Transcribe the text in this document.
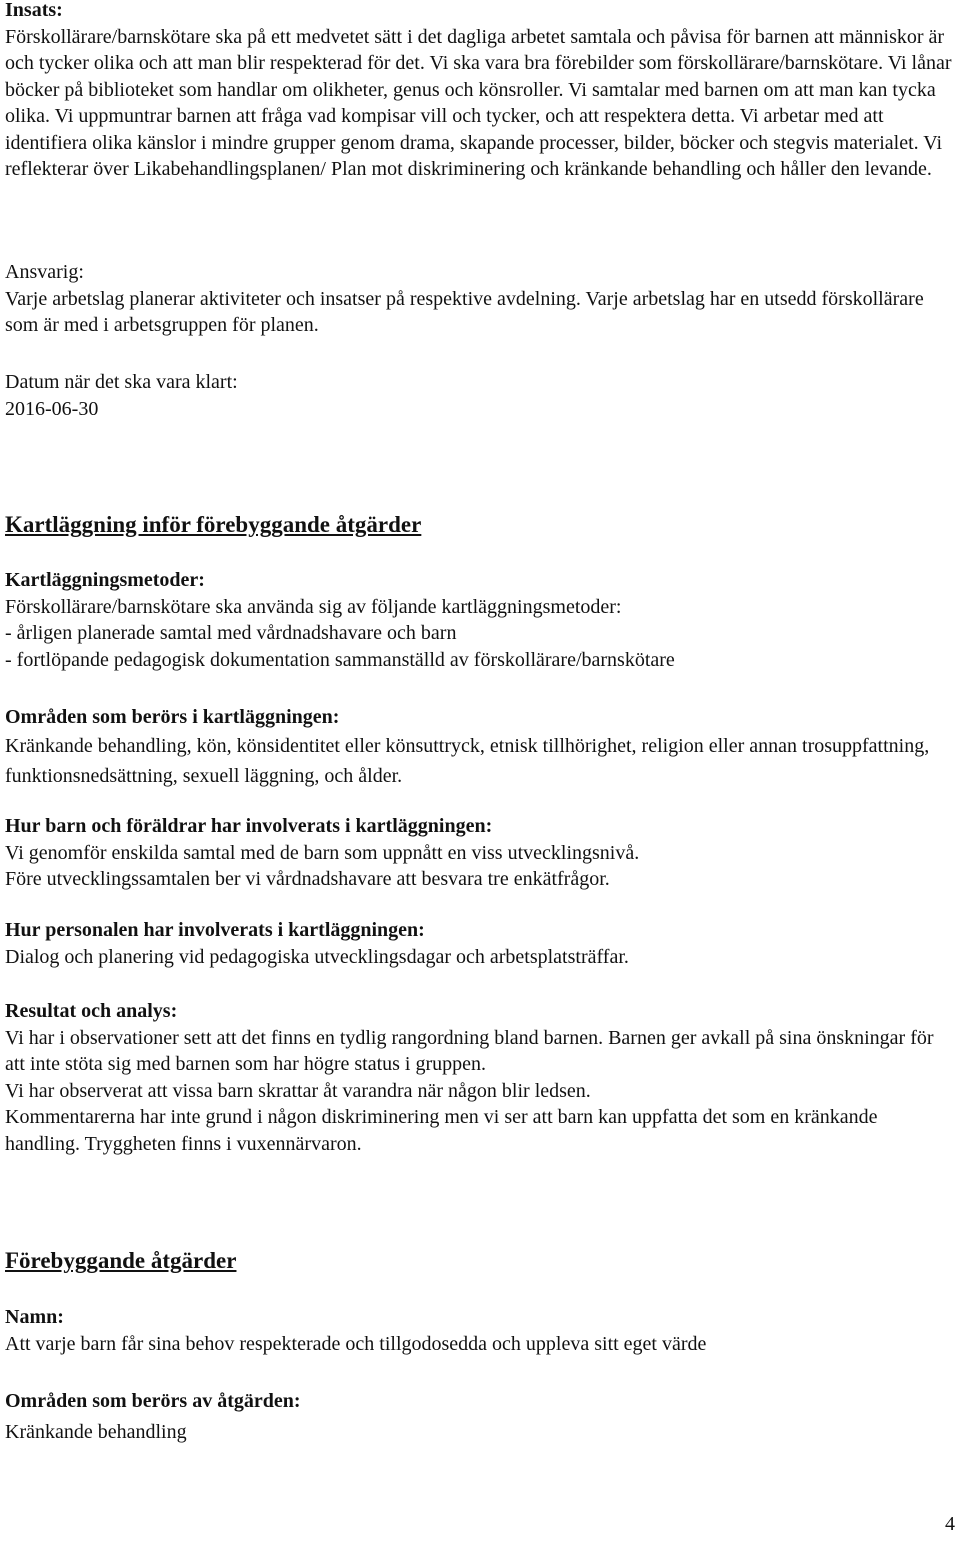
Insats:

Förskollärare/barnskötare ska på ett medvetet sätt i det dagliga arbetet samtala och påvisa för barnen att människor är och tycker olika och att man blir respekterad för det. Vi ska vara bra förebilder som förskollärare/barnskötare. Vi lånar böcker på biblioteket som handlar om olikheter, genus och könsroller. Vi samtalar med barnen om att man kan tycka olika. Vi uppmuntrar barnen att fråga vad kompisar vill och tycker, och att respektera detta. Vi arbetar med att identifiera olika känslor i mindre grupper genom drama, skapande processer, bilder, böcker och stegvis materialet. Vi reflekterar över Likabehandlingsplanen/ Plan mot diskriminering och kränkande behandling och håller den levande.

Ansvarig:

Varje arbetslag planerar aktiviteter och insatser på respektive avdelning. Varje arbetslag har en utsedd förskollärare som är med i arbetsgruppen för planen.

Datum när det ska vara klart:

2016-06-30

Kartläggning inför förebyggande åtgärder

Kartläggningsmetoder:

Förskollärare/barnskötare ska använda sig av följande kartläggningsmetoder:

- årligen planerade samtal med vårdnadshavare och barn

- fortlöpande pedagogisk dokumentation sammanställd av förskollärare/barnskötare

Områden som berörs i kartläggningen:

Kränkande behandling, kön, könsidentitet eller könsuttryck, etnisk tillhörighet, religion eller annan trosuppfattning, funktionsnedsättning, sexuell läggning, och ålder.

Hur barn och föräldrar har involverats i kartläggningen:

Vi genomför enskilda samtal med de barn som uppnått en viss utvecklingsnivå.

Före utvecklingssamtalen ber vi vårdnadshavare att besvara tre enkätfrågor.

Hur personalen har involverats i kartläggningen:

Dialog och planering vid pedagogiska utvecklingsdagar och arbetsplatsträffar.

Resultat och analys:

Vi har i observationer sett att det finns en tydlig rangordning bland barnen. Barnen ger avkall på sina önskningar för att inte stöta sig med barnen som har högre status i gruppen.

Vi har observerat att vissa barn skrattar åt varandra när någon blir ledsen.

Kommentarerna har inte grund i någon diskriminering men vi ser att barn kan uppfatta det som en kränkande handling. Tryggheten finns i vuxennärvaron.

Förebyggande åtgärder

Namn:

Att varje barn får sina behov respekterade och tillgodosedda och uppleva sitt eget värde

Områden som berörs av åtgärden:

Kränkande behandling

4
